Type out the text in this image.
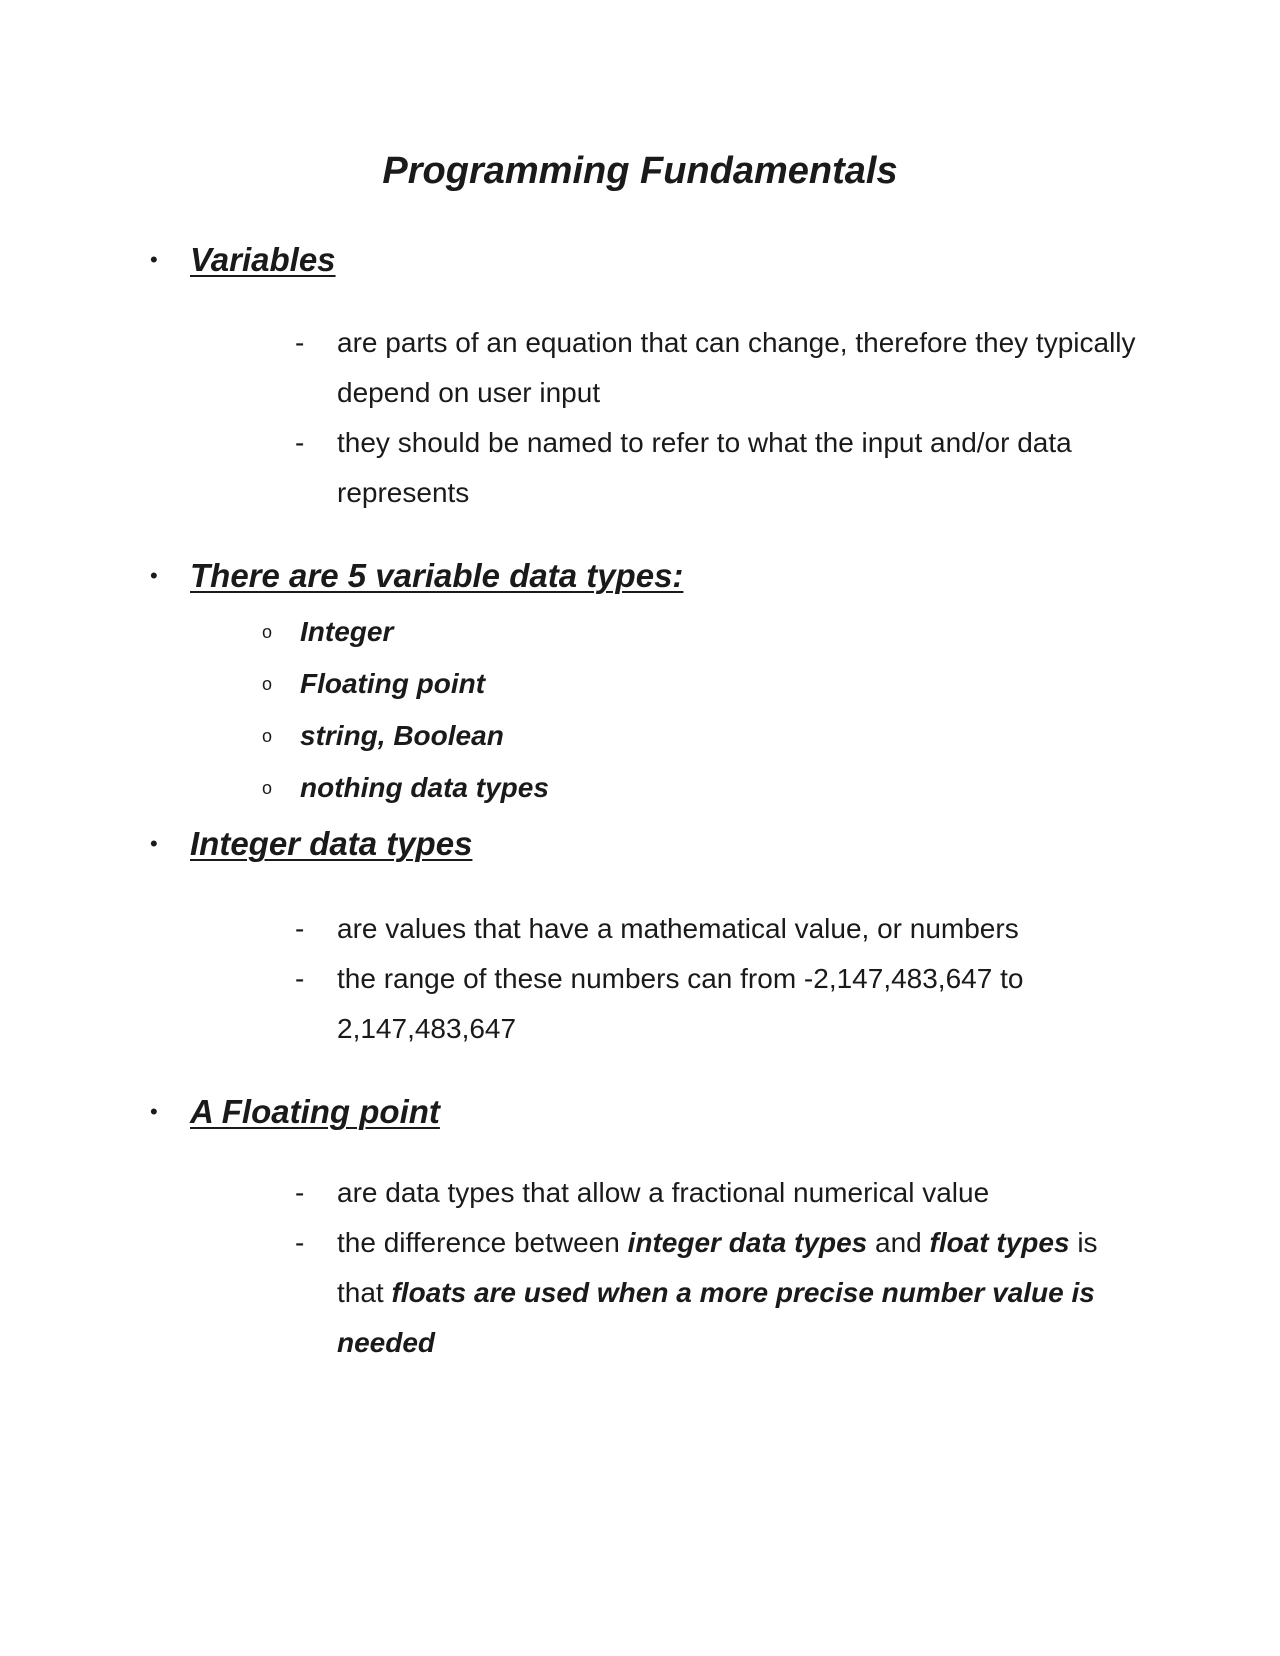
Programming Fundamentals
• Variables
- are parts of an equation that can change, therefore they typically depend on user input
- they should be named to refer to what the input and/or data represents
• There are 5 variable data types:
o Integer
o Floating point
o string, Boolean
o nothing data types
• Integer data types
- are values that have a mathematical value, or numbers
- the range of these numbers can from -2,147,483,647 to 2,147,483,647
• A Floating point
- are data types that allow a fractional numerical value
- the difference between integer data types and float types is that floats are used when a more precise number value is needed
